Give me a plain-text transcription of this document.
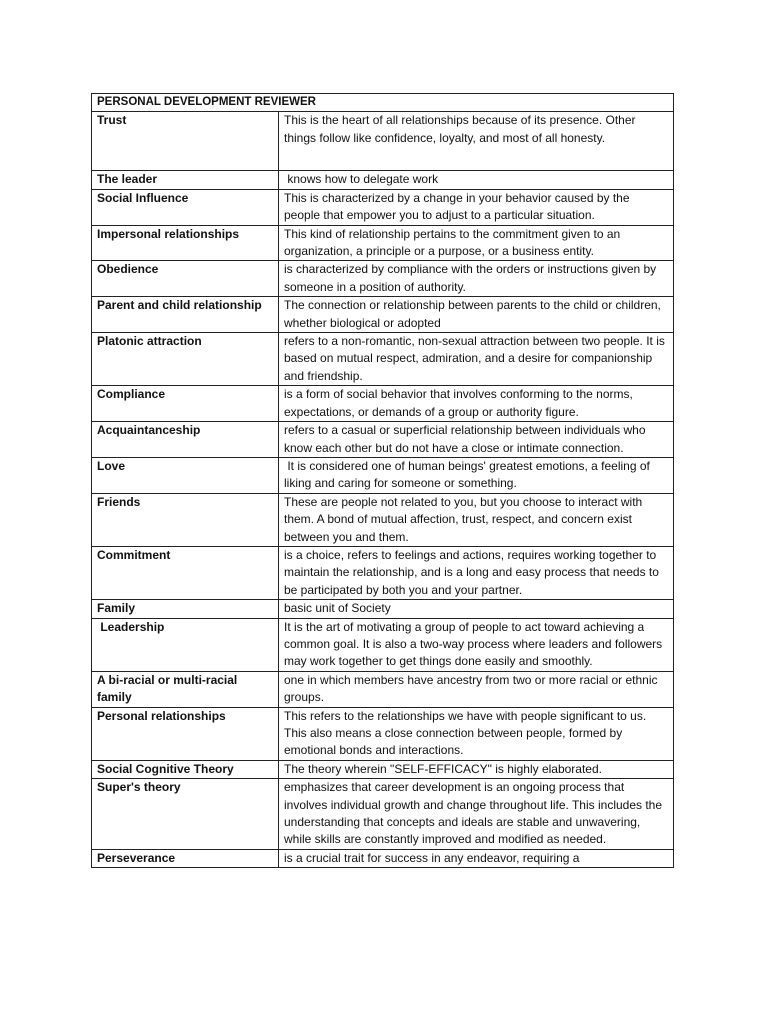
PERSONAL DEVELOPMENT REVIEWER	
Trust	This is the heart of all relationships because of its presence. Other things follow like confidence, loyalty, and most of all honesty.
The leader	knows how to delegate work
Social Influence	This is characterized by a change in your behavior caused by the people that empower you to adjust to a particular situation.
Impersonal relationships	This kind of relationship pertains to the commitment given to an organization, a principle or a purpose, or a business entity.
Obedience	is characterized by compliance with the orders or instructions given by someone in a position of authority.
Parent and child relationship	The connection or relationship between parents to the child or children, whether biological or adopted
Platonic attraction	refers to a non-romantic, non-sexual attraction between two people. It is based on mutual respect, admiration, and a desire for companionship and friendship.
Compliance	is a form of social behavior that involves conforming to the norms, expectations, or demands of a group or authority figure.
Acquaintanceship	refers to a casual or superficial relationship between individuals who know each other but do not have a close or intimate connection.
Love	It is considered one of human beings' greatest emotions, a feeling of liking and caring for someone or something.
Friends	These are people not related to you, but you choose to interact with them. A bond of mutual affection, trust, respect, and concern exist between you and them.
Commitment	is a choice, refers to feelings and actions, requires working together to maintain the relationship, and is a long and easy process that needs to be participated by both you and your partner.
Family	basic unit of Society
Leadership	It is the art of motivating a group of people to act toward achieving a common goal. It is also a two-way process where leaders and followers may work together to get things done easily and smoothly.
A bi-racial or multi-racial family	one in which members have ancestry from two or more racial or ethnic groups.
Personal relationships	This refers to the relationships we have with people significant to us. This also means a close connection between people, formed by emotional bonds and interactions.
Social Cognitive Theory	The theory wherein "SELF-EFFICACY" is highly elaborated.
Super's theory	emphasizes that career development is an ongoing process that involves individual growth and change throughout life. This includes the understanding that concepts and ideals are stable and unwavering, while skills are constantly improved and modified as needed.
Perseverance	is a crucial trait for success in any endeavor, requiring a
